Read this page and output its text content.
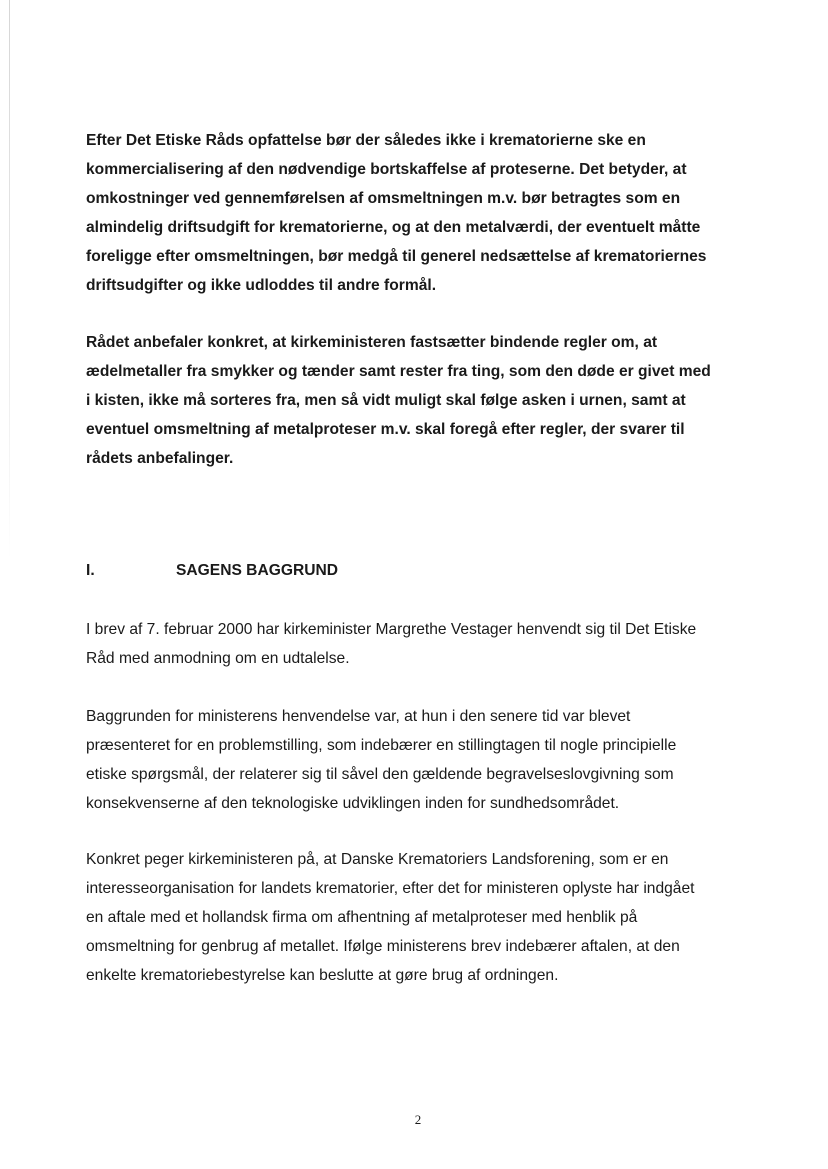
Efter Det Etiske Råds opfattelse bør der således ikke i krematorierne ske en

kommercialisering af den nødvendige bortskaffelse af proteserne. Det betyder, at

omkostninger ved gennemførelsen af omsmeltningen m.v. bør betragtes som en

almindelig driftsudgift for krematorierne, og at den metalværdi, der eventuelt måtte

foreligge efter omsmeltningen, bør medgå til generel nedsættelse af krematoriernes

driftsudgifter og ikke udloddes til andre formål.

Rådet anbefaler konkret, at kirkeministeren fastsætter bindende regler om, at

ædelmetaller fra smykker og tænder samt rester fra ting, som den døde er givet med

i kisten, ikke må sorteres fra, men så vidt muligt skal følge asken i urnen, samt at

eventuel omsmeltning af metalproteser m.v. skal foregå efter regler, der svarer til

rådets anbefalinger.

I.	SAGENS BAGGRUND

I brev af 7. februar 2000 har kirkeminister Margrethe Vestager henvendt sig til Det Etiske

Råd med anmodning om en udtalelse.

Baggrunden for ministerens henvendelse var, at hun i den senere tid var blevet

præsenteret for en problemstilling, som indebærer en stillingtagen til nogle principielle

etiske spørgsmål, der relaterer sig til såvel den gældende begravelseslovgivning som

konsekvenserne af den teknologiske udviklingen inden for sundhedsområdet.

Konkret peger kirkeministeren på, at Danske Krematoriers Landsforening, som er en

interesseorganisation for landets krematorier, efter det for ministeren oplyste har indgået

en aftale med et hollandsk firma om afhentning af metalproteser med henblik på

omsmeltning for genbrug af metallet. Ifølge ministerens brev indebærer aftalen, at den

enkelte krematoriebestyrelse kan beslutte at gøre brug af ordningen.

2
